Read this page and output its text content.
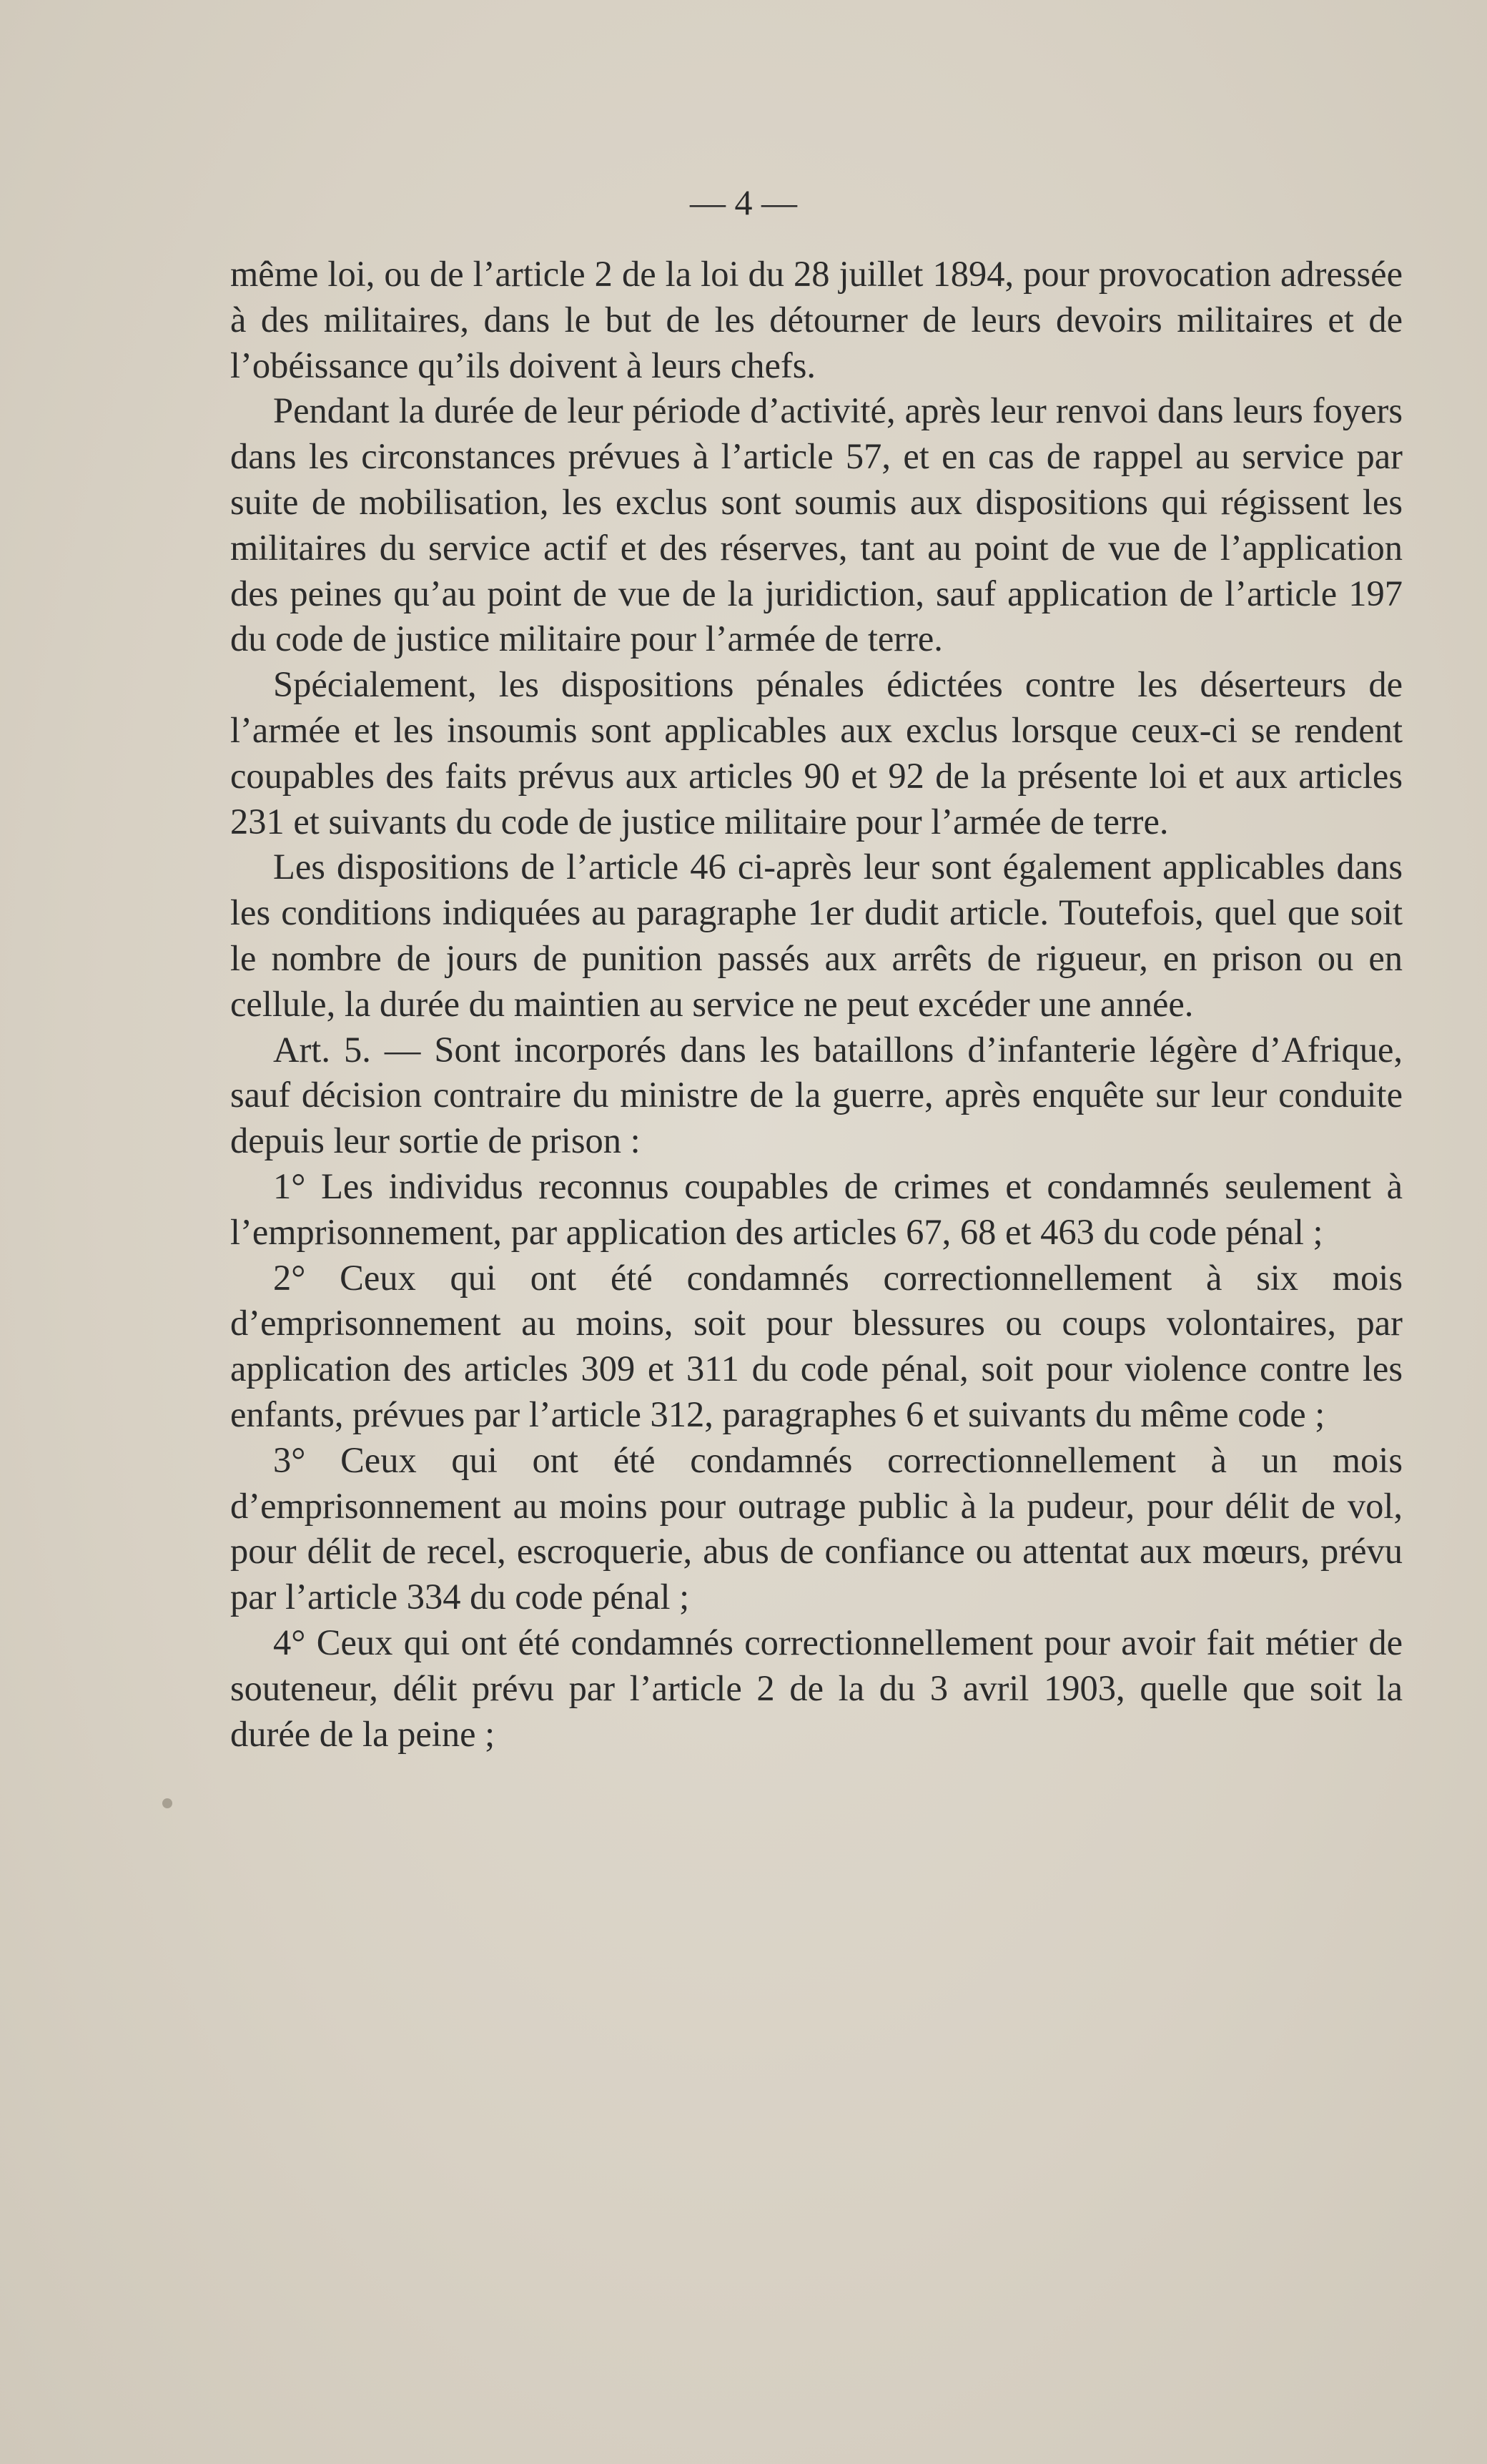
— 4 —

même loi, ou de l’article 2 de la loi du 28 juillet 1894, pour provocation adressée à des militaires, dans le but de les détourner de leurs devoirs militaires et de l’obéissance qu’ils doivent à leurs chefs.

Pendant la durée de leur période d’activité, après leur renvoi dans leurs foyers dans les circonstances prévues à l’article 57, et en cas de rappel au service par suite de mobilisation, les exclus sont soumis aux dispositions qui régissent les militaires du service actif et des réserves, tant au point de vue de l’application des peines qu’au point de vue de la juridiction, sauf application de l’article 197 du code de justice militaire pour l’armée de terre.

Spécialement, les dispositions pénales édictées contre les déserteurs de l’armée et les insoumis sont applicables aux exclus lorsque ceux-ci se rendent coupables des faits prévus aux articles 90 et 92 de la présente loi et aux articles 231 et suivants du code de justice militaire pour l’armée de terre.

Les dispositions de l’article 46 ci-après leur sont également applicables dans les conditions indiquées au paragraphe 1er dudit article. Toutefois, quel que soit le nombre de jours de punition passés aux arrêts de rigueur, en prison ou en cellule, la durée du maintien au service ne peut excéder une année.

Art. 5. — Sont incorporés dans les bataillons d’infanterie légère d’Afrique, sauf décision contraire du ministre de la guerre, après enquête sur leur conduite depuis leur sortie de prison :

1° Les individus reconnus coupables de crimes et condamnés seulement à l’emprisonnement, par application des articles 67, 68 et 463 du code pénal ;

2° Ceux qui ont été condamnés correctionnellement à six mois d’emprisonnement au moins, soit pour blessures ou coups volontaires, par application des articles 309 et 311 du code pénal, soit pour violence contre les enfants, prévues par l’article 312, paragraphes 6 et suivants du même code ;

3° Ceux qui ont été condamnés correctionnellement à un mois d’emprisonnement au moins pour outrage public à la pudeur, pour délit de vol, pour délit de recel, escroquerie, abus de confiance ou attentat aux mœurs, prévu par l’article 334 du code pénal ;

4° Ceux qui ont été condamnés correctionnellement pour avoir fait métier de souteneur, délit prévu par l’article 2 de la du 3 avril 1903, quelle que soit la durée de la peine ;
